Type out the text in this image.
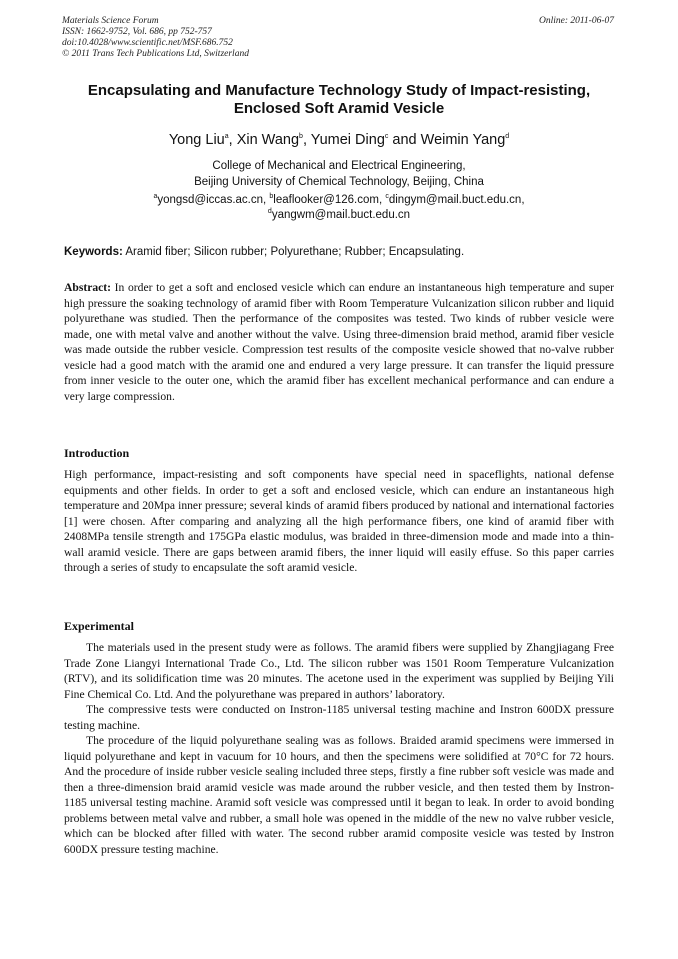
Materials Science Forum
ISSN: 1662-9752, Vol. 686, pp 752-757
doi:10.4028/www.scientific.net/MSF.686.752
© 2011 Trans Tech Publications Ltd, Switzerland
Online: 2011-06-07
Encapsulating and Manufacture Technology Study of Impact-resisting,
Enclosed Soft Aramid Vesicle
Yong Liu$^a$, Xin Wang$^b$, Yumei Ding$^c$ and Weimin Yang$^d$
College of Mechanical and Electrical Engineering,
Beijing University of Chemical Technology, Beijing, China
$^a$yongsd@iccas.ac.cn, $^b$leaflooker@126.com, $^c$dingym@mail.buct.edu.cn,
$^d$yangwm@mail.buct.edu.cn
Keywords: Aramid fiber; Silicon rubber; Polyurethane; Rubber; Encapsulating.

Abstract: In order to get a soft and enclosed vesicle which can endure an instantaneous high temperature and super high pressure the soaking technology of aramid fiber with Room Temperature Vulcanization silicon rubber and liquid polyurethane was studied. Then the performance of the composites was tested. Two kinds of rubber vesicle were made, one with metal valve and another without the valve. Using three-dimension braid method, aramid fiber vesicle was made outside the rubber vesicle. Compression test results of the composite vesicle showed that no-valve rubber vesicle had a good match with the aramid one and endured a very large pressure. It can transfer the liquid pressure from inner vesicle to the outer one, which the aramid fiber has excellent mechanical performance and can endure a very large compression.

Introduction

High performance, impact-resisting and soft components have special need in spaceflights, national defense equipments and other fields. In order to get a soft and enclosed vesicle, which can endure an instantaneous high temperature and 20Mpa inner pressure; several kinds of aramid fibers produced by national and international factories [1] were chosen. After comparing and analyzing all the high performance fibers, one kind of aramid fiber with 2408MPa tensile strength and 175GPa elastic modulus, was braided in three-dimension mode and made into a thin-wall aramid vesicle. There are gaps between aramid fibers, the inner liquid will easily effuse. So this paper carries through a series of study to encapsulate the soft aramid vesicle.

Experimental

The materials used in the present study were as follows. The aramid fibers were supplied by Zhangjiagang Free Trade Zone Liangyi International Trade Co., Ltd. The silicon rubber was 1501 Room Temperature Vulcanization (RTV), and its solidification time was 20 minutes. The acetone used in the experiment was supplied by Beijing Yili Fine Chemical Co. Ltd. And the polyurethane was prepared in authors’ laboratory.

The compressive tests were conducted on Instron-1185 universal testing machine and Instron 600DX pressure testing machine.

The procedure of the liquid polyurethane sealing was as follows. Braided aramid specimens were immersed in liquid polyurethane and kept in vacuum for 10 hours, and then the specimens were solidified at 70°C for 72 hours. And the procedure of inside rubber vesicle sealing included three steps, firstly a fine rubber soft vesicle was made and then a three-dimension braid aramid vesicle was made around the rubber vesicle, and then tested them by Instron-1185 universal testing machine. Aramid soft vesicle was compressed until it began to leak. In order to avoid bonding problems between metal valve and rubber, a small hole was opened in the middle of the new no valve rubber vesicle, which can be blocked after filled with water. The second rubber aramid composite vesicle was tested by Instron 600DX pressure testing machine.
